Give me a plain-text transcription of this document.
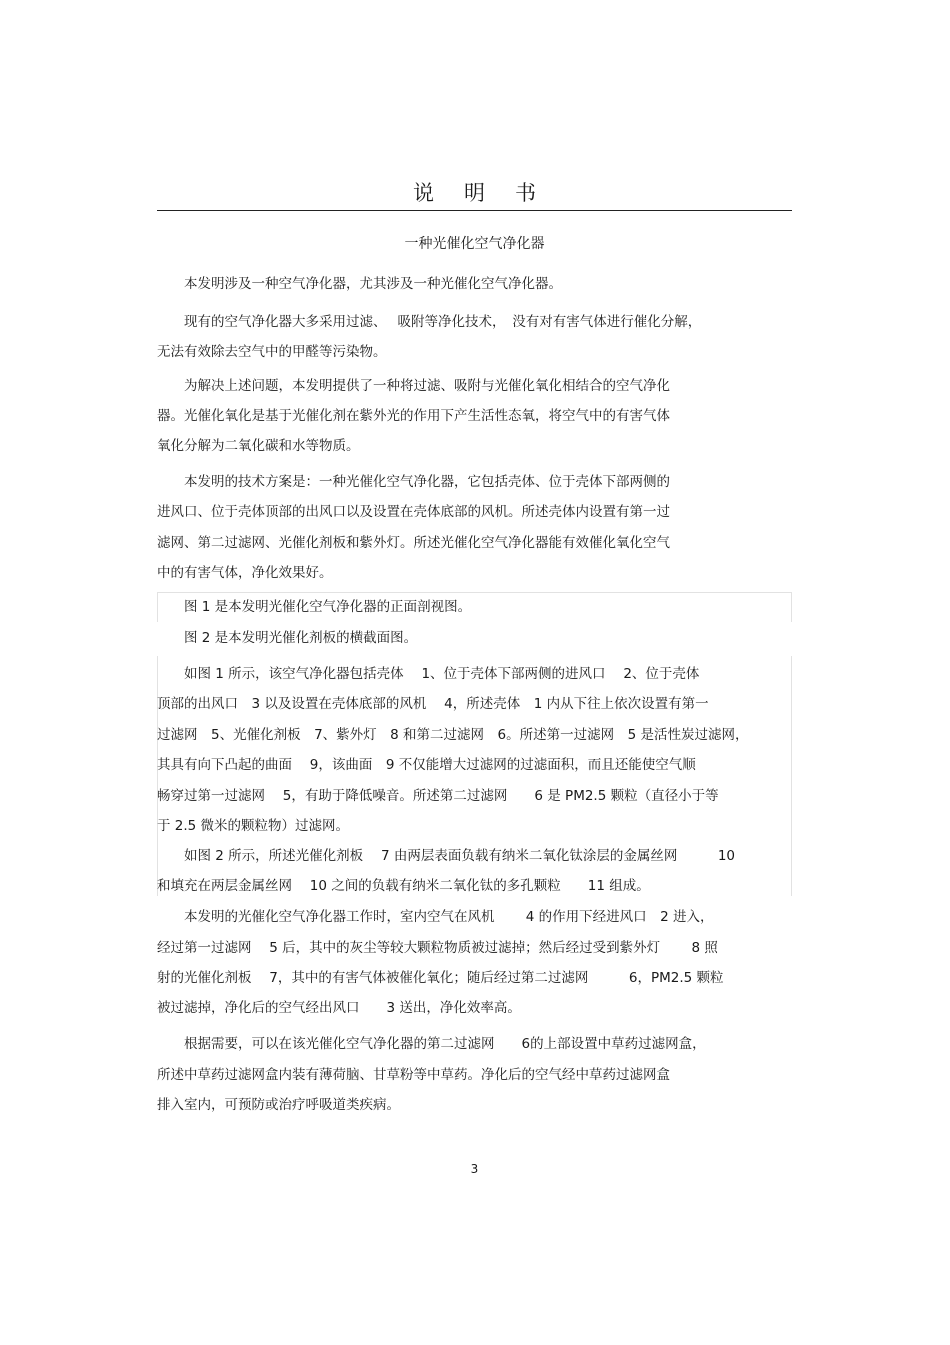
说明书
一种光催化空气净化器
　　本发明涉及一种空气净化器，尤其涉及一种光催化空气净化器。
　　现有的空气净化器大多采用过滤、　 吸附等净化技术，　没有对有害气体进行催化分解，
无法有效除去空气中的甲醛等污染物。
　　为解决上述问题，本发明提供了一种将过滤、吸附与光催化氧化相结合的空气净化
器。光催化氧化是基于光催化剂在紫外光的作用下产生活性态氧，将空气中的有害气体
氧化分解为二氧化碳和水等物质。
　　本发明的技术方案是：一种光催化空气净化器，它包括壳体、位于壳体下部两侧的
进风口、位于壳体顶部的出风口以及设置在壳体底部的风机。所述壳体内设置有第一过
滤网、第二过滤网、光催化剂板和紫外灯。所述光催化空气净化器能有效催化氧化空气
中的有害气体，净化效果好。
　　图 1 是本发明光催化空气净化器的正面剖视图。
　　图 2 是本发明光催化剂板的横截面图。
　　如图 1 所示，该空气净化器包括壳体　 1、位于壳体下部两侧的进风口　 2、位于壳体
顶部的出风口　3 以及设置在壳体底部的风机　 4，所述壳体　1 内从下往上依次设置有第一
过滤网　5、光催化剂板　7、紫外灯　8 和第二过滤网　6。所述第一过滤网　5 是活性炭过滤网，
其具有向下凸起的曲面　 9，该曲面　9 不仅能增大过滤网的过滤面积，而且还能使空气顺
畅穿过第一过滤网　 5，有助于降低噪音。所述第二过滤网　　6 是 PM2.5 颗粒（直径小于等
于 2.5 微米的颗粒物）过滤网。
　　如图 2 所示，所述光催化剂板　 7 由两层表面负载有纳米二氧化钛涂层的金属丝网　　　10
和填充在两层金属丝网　 10 之间的负载有纳米二氧化钛的多孔颗粒　　11 组成。
　　本发明的光催化空气净化器工作时，室内空气在风机　　 4 的作用下经进风口　2 进入，
经过第一过滤网　 5 后，其中的灰尘等较大颗粒物质被过滤掉；然后经过受到紫外灯　　 8 照
射的光催化剂板　 7，其中的有害气体被催化氧化；随后经过第二过滤网　　　6，PM2.5 颗粒
被过滤掉，净化后的空气经出风口　　3 送出，净化效率高。
　　根据需要，可以在该光催化空气净化器的第二过滤网　　6的上部设置中草药过滤网盒，
所述中草药过滤网盒内装有薄荷脑、甘草粉等中草药。净化后的空气经中草药过滤网盒
排入室内，可预防或治疗呼吸道类疾病。
3
